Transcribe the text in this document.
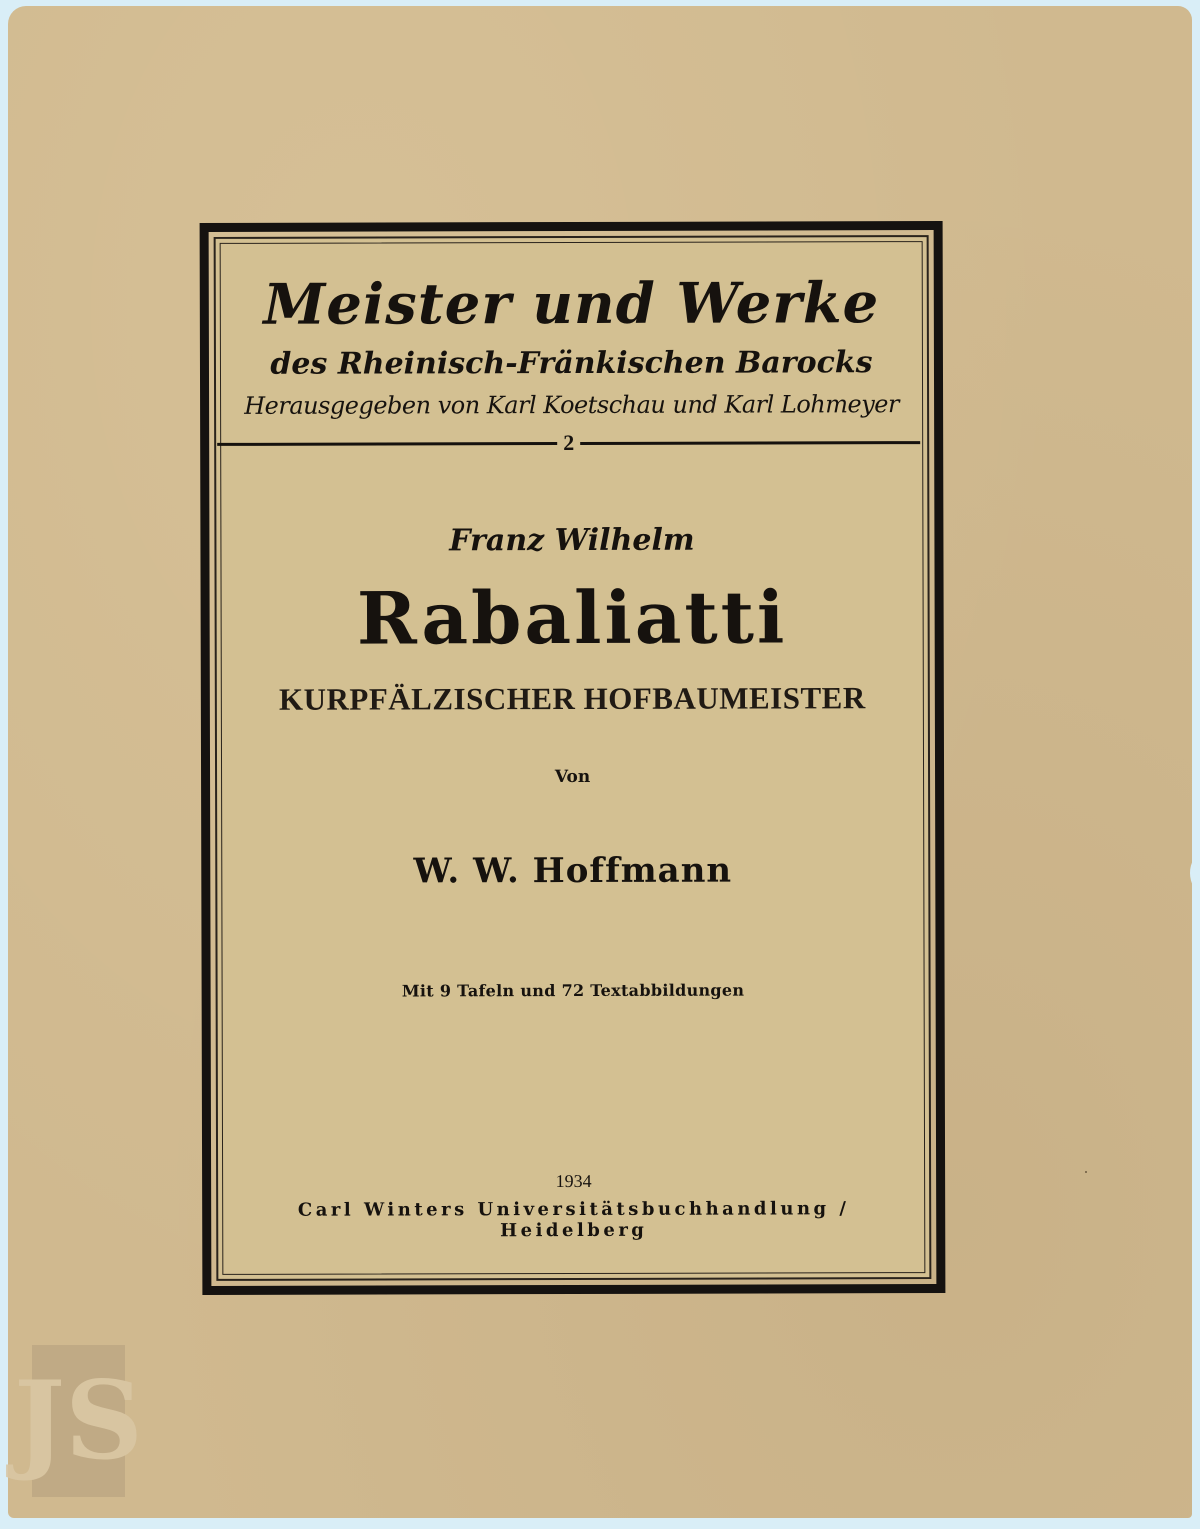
Meister und Werke
des Rheinisch-Fränkischen Barocks
Herausgegeben von Karl Koetschau und Karl Lohmeyer
2
Franz Wilhelm
Rabaliatti
KURPFÄLZISCHER HOFBAUMEISTER
Von
W. W. Hoffmann
Mit 9 Tafeln und 72 Textabbildungen
1934
Carl Winters Universitätsbuchhandlung / Heidelberg
JS
